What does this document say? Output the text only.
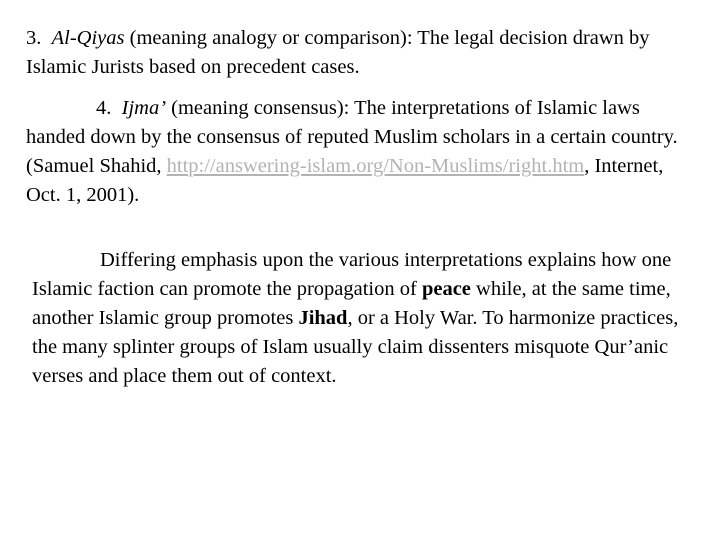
3. Al-Qiyas (meaning analogy or comparison): The legal decision drawn by Islamic Jurists based on precedent cases.

4. Ijma’ (meaning consensus): The interpretations of Islamic laws handed down by the consensus of reputed Muslim scholars in a certain country. (Samuel Shahid, http://answering-islam.org/Non-Muslims/right.htm, Internet, Oct. 1, 2001).

Differing emphasis upon the various interpretations explains how one Islamic faction can promote the propagation of peace while, at the same time, another Islamic group promotes Jihad, or a Holy War. To harmonize practices, the many splinter groups of Islam usually claim dissenters misquote Qur’anic verses and place them out of context.
